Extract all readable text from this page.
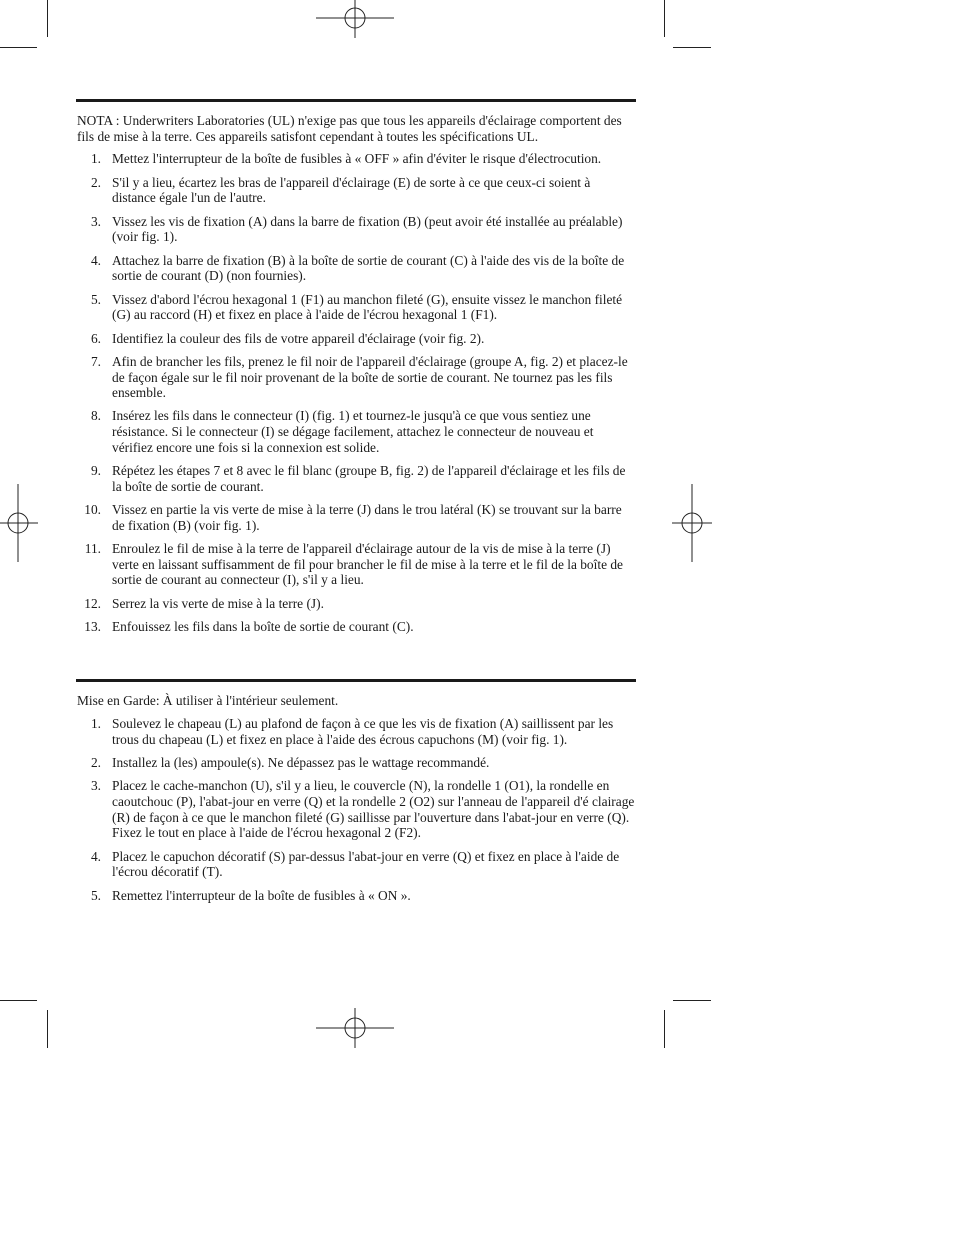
NOTA : Underwriters Laboratories (UL) n'exige pas que tous les appareils d'éclairage comportent des fils de mise à la terre. Ces appareils satisfont cependant à toutes les spécifications UL.

1. Mettez l'interrupteur de la boîte de fusibles à « OFF » afin d'éviter le risque d'électrocution.
2. S'il y a lieu, écartez les bras de l'appareil d'éclairage (E) de sorte à ce que ceux-ci soient à distance égale l'un de l'autre.
3. Vissez les vis de fixation (A) dans la barre de fixation (B) (peut avoir été installée au préalable) (voir fig. 1).
4. Attachez la barre de fixation (B) à la boîte de sortie de courant (C) à l'aide des vis de la boîte de sortie de courant (D) (non fournies).
5. Vissez d'abord l'écrou hexagonal 1 (F1) au manchon fileté (G), ensuite vissez le manchon fileté (G) au raccord (H) et fixez en place à l'aide de l'écrou hexagonal 1 (F1).
6. Identifiez la couleur des fils de votre appareil d'éclairage (voir fig. 2).
7. Afin de brancher les fils, prenez le fil noir de l'appareil d'éclairage (groupe A, fig. 2) et placez-le de façon égale sur le fil noir provenant de la boîte de sortie de courant. Ne tournez pas les fils ensemble.
8. Insérez les fils dans le connecteur (I) (fig. 1) et tournez-le jusqu'à ce que vous sentiez une résistance. Si le connecteur (I) se dégage facilement, attachez le connecteur de nouveau et vérifiez encore une fois si la connexion est solide.
9. Répétez les étapes 7 et 8 avec le fil blanc (groupe B, fig. 2) de l'appareil d'éclairage et les fils de la boîte de sortie de courant.
10. Vissez en partie la vis verte de mise à la terre (J) dans le trou latéral (K) se trouvant sur la barre de fixation (B) (voir fig. 1).
11. Enroulez le fil de mise à la terre de l'appareil d'éclairage autour de la vis de mise à la terre (J) verte en laissant suffisamment de fil pour brancher le fil de mise à la terre et le fil de la boîte de sortie de courant au connecteur (I), s'il y a lieu.
12. Serrez la vis verte de mise à la terre (J).
13. Enfouissez les fils dans la boîte de sortie de courant (C).

Mise en Garde: À utiliser à l'intérieur seulement.

1. Soulevez le chapeau (L) au plafond de façon à ce que les vis de fixation (A) saillissent par les trous du chapeau (L) et fixez en place à l'aide des écrous capuchons (M) (voir fig. 1).
2. Installez la (les) ampoule(s). Ne dépassez pas le wattage recommandé.
3. Placez le cache-manchon (U), s'il y a lieu, le couvercle (N), la rondelle 1 (O1), la rondelle en caoutchouc (P), l'abat-jour en verre (Q) et la rondelle 2 (O2) sur l'anneau de l'appareil d'é clairage (R) de façon à ce que le manchon fileté (G) saillisse par l'ouverture dans l'abat-jour en verre (Q). Fixez le tout en place à l'aide de l'écrou hexagonal 2 (F2).
4. Placez le capuchon décoratif (S) par-dessus l'abat-jour en verre (Q) et fixez en place à l'aide de l'écrou décoratif (T).
5. Remettez l'interrupteur de la boîte de fusibles à « ON ».
